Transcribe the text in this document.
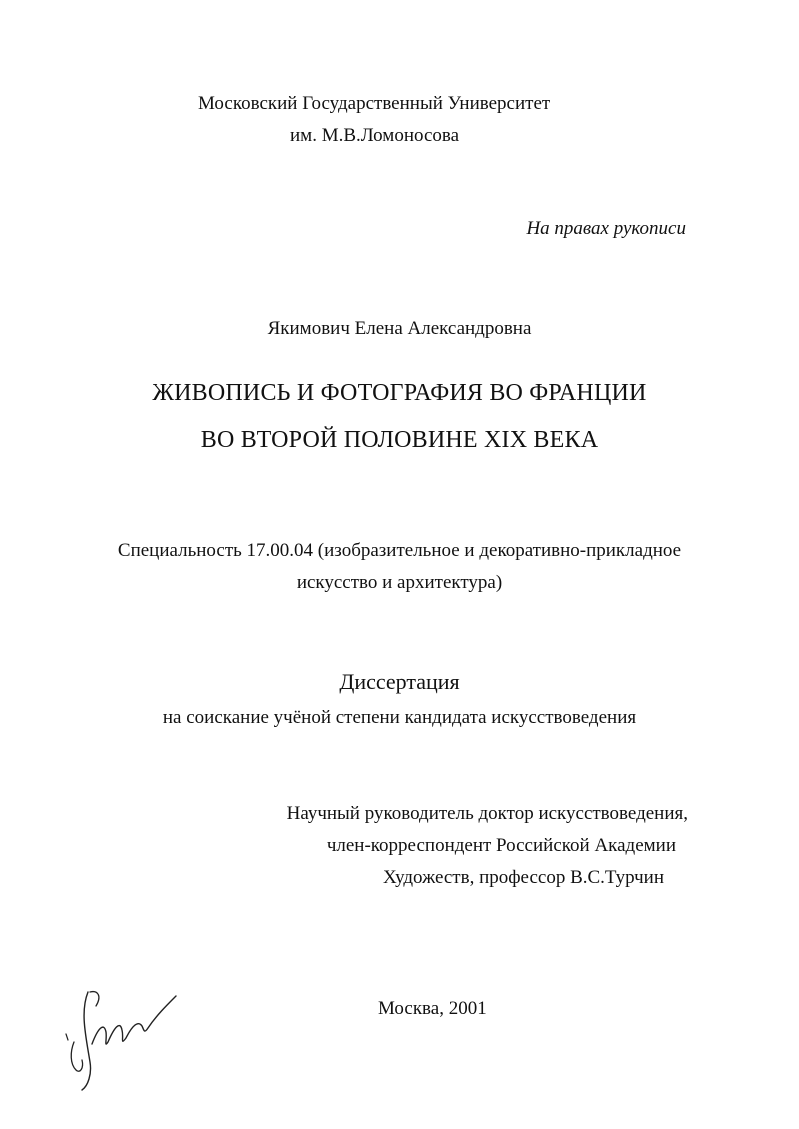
Московский Государственный Университет
им. М.В.Ломоносова
На правах рукописи
Якимович Елена Александровна
ЖИВОПИСЬ И ФОТОГРАФИЯ ВО ФРАНЦИИ
ВО ВТОРОЙ ПОЛОВИНЕ XIX ВЕКА
Специальность 17.00.04 (изобразительное и декоративно-прикладное
искусство и архитектура)
Диссертация
на соискание учёной степени кандидата искусствоведения
Научный руководитель доктор искусствоведения,
член-корреспондент Российской Академии
Художеств, профессор В.С.Турчин
Москва, 2001
